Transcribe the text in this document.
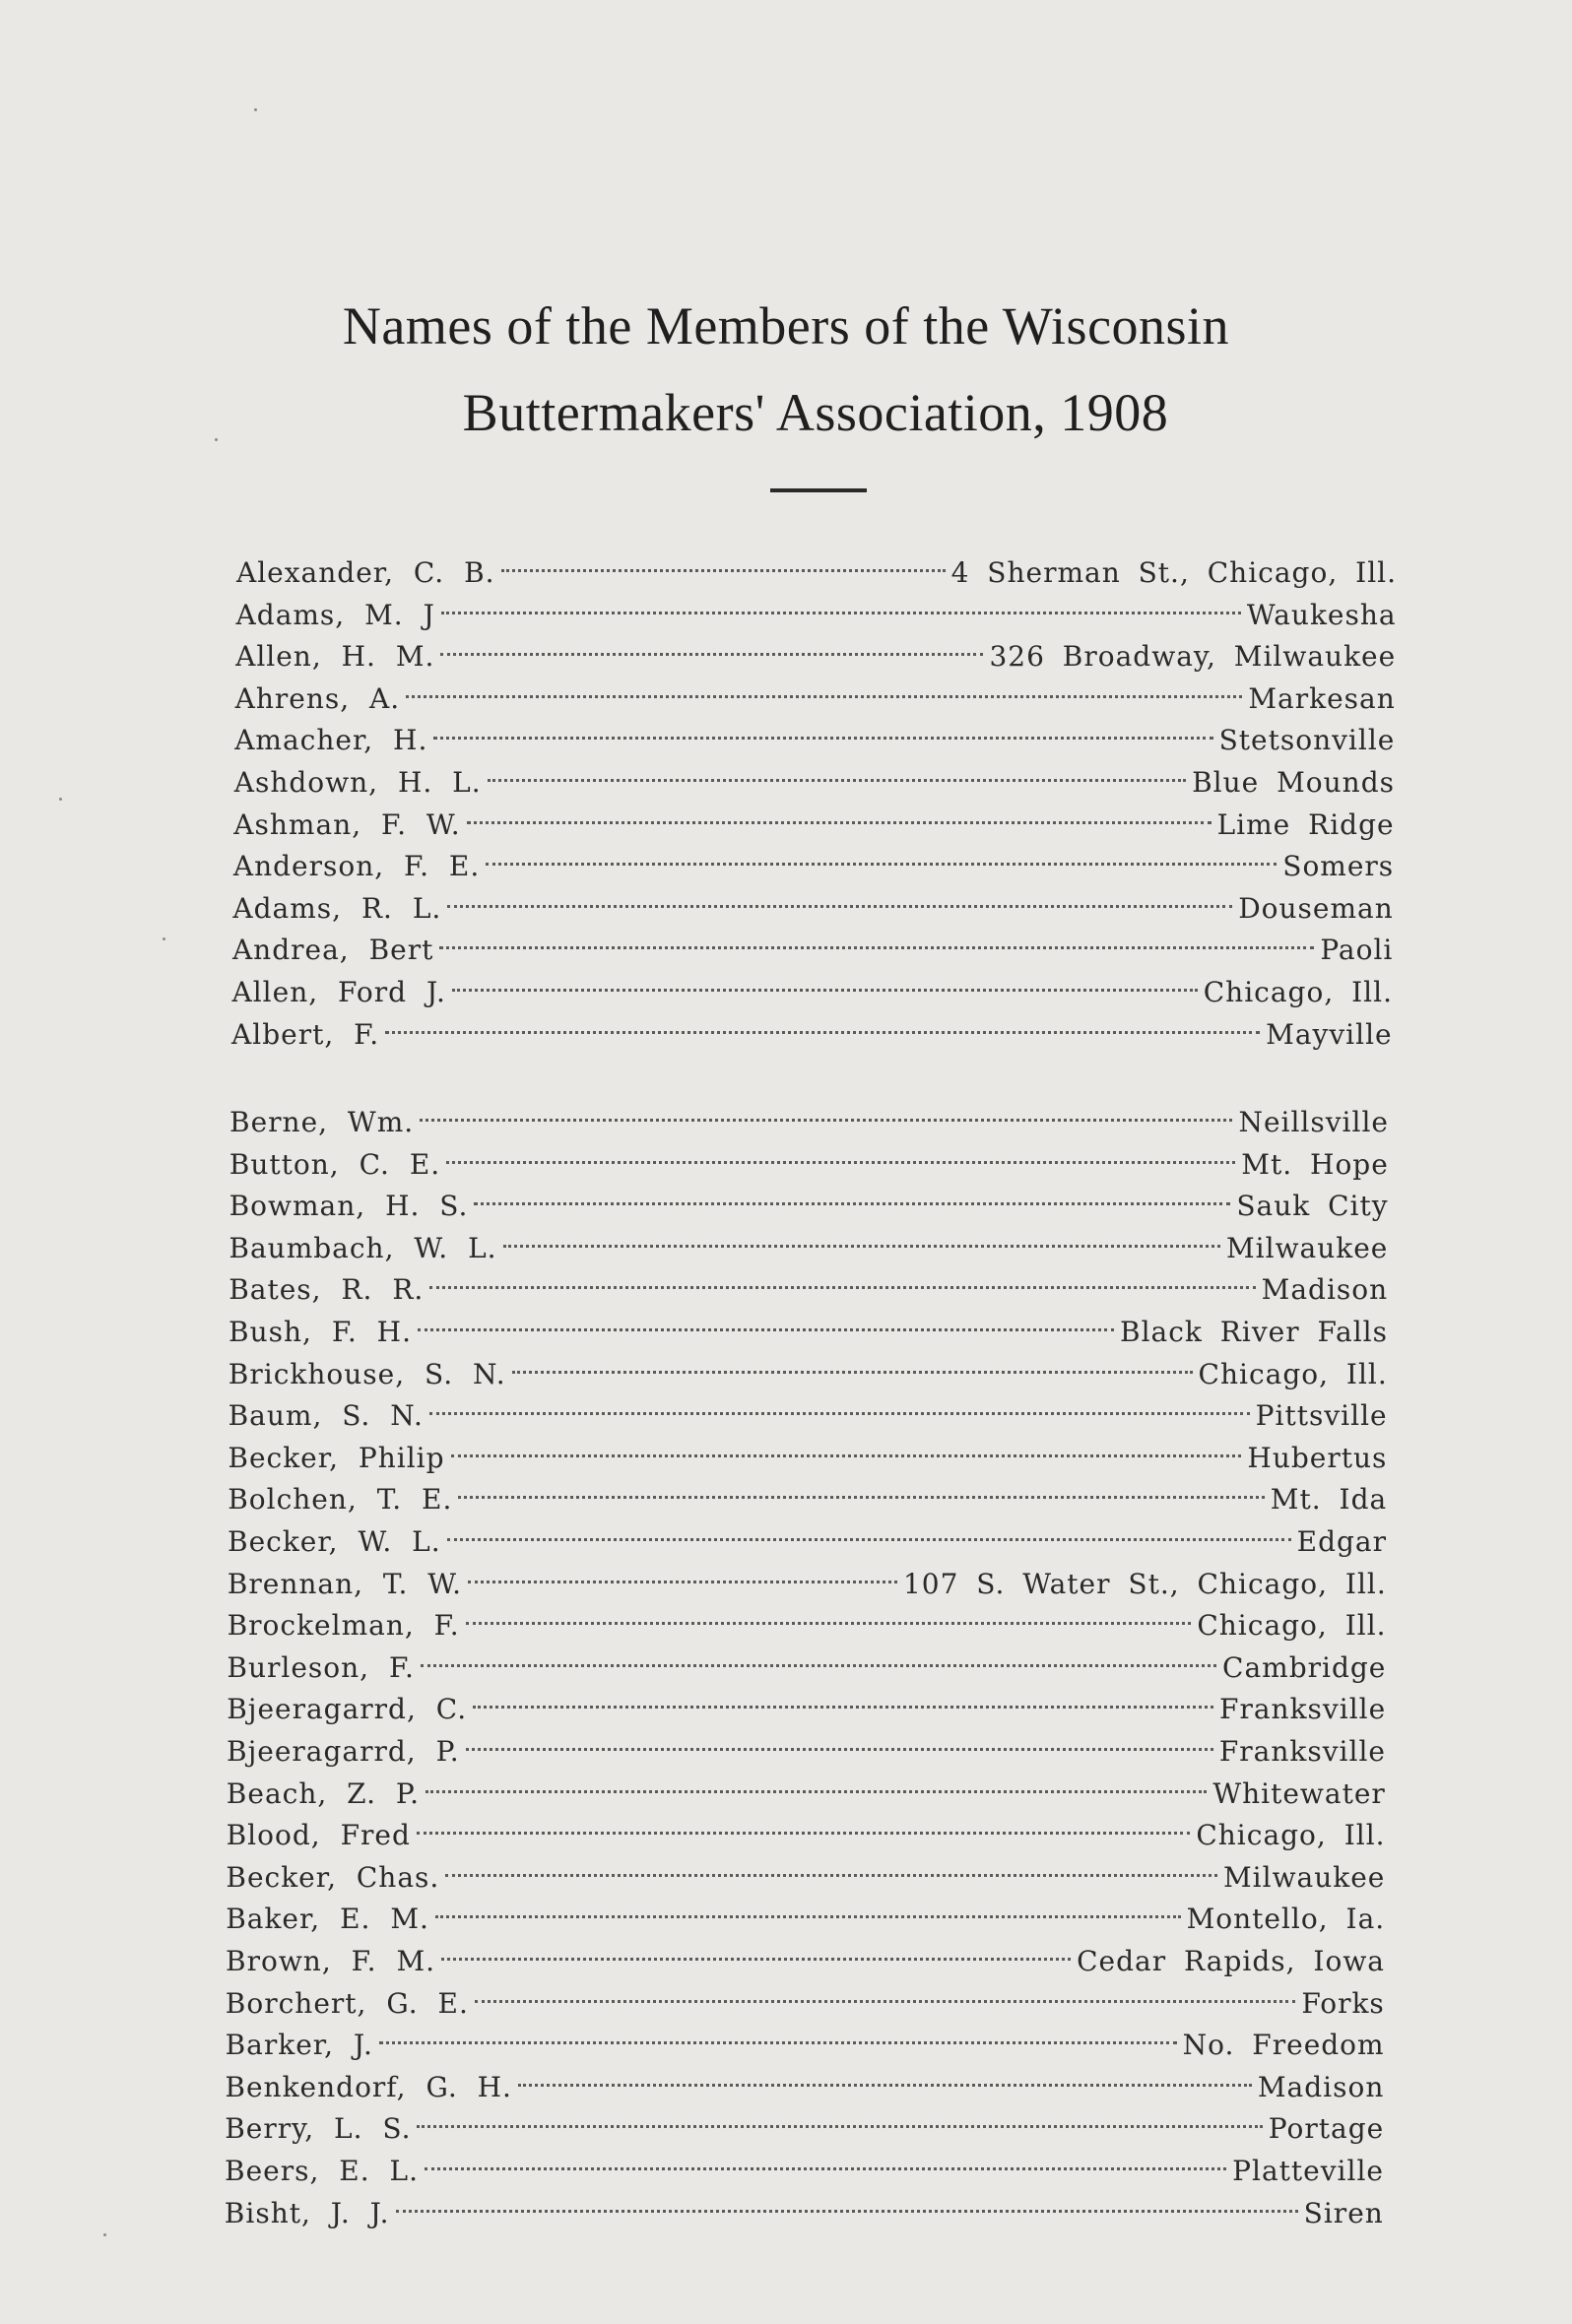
Names of the Members of the Wisconsin
Buttermakers' Association, 1908
Alexander, C. B.	4 Sherman St., Chicago, Ill.
Adams, M. J	Waukesha
Allen, H. M.	326 Broadway, Milwaukee
Ahrens, A.	Markesan
Amacher, H.	Stetsonville
Ashdown, H. L.	Blue Mounds
Ashman, F. W.	Lime Ridge
Anderson, F. E.	Somers
Adams, R. L.	Douseman
Andrea, Bert	Paoli
Allen, Ford J.	Chicago, Ill.
Albert, F.	Mayville
Berne, Wm.	Neillsville
Button, C. E.	Mt. Hope
Bowman, H. S.	Sauk City
Baumbach, W. L.	Milwaukee
Bates, R. R.	Madison
Bush, F. H.	Black River Falls
Brickhouse, S. N.	Chicago, Ill.
Baum, S. N.	Pittsville
Becker, Philip	Hubertus
Bolchen, T. E.	Mt. Ida
Becker, W. L.	Edgar
Brennan, T. W.	107 S. Water St., Chicago, Ill.
Brockelman, F.	Chicago, Ill.
Burleson, F.	Cambridge
Bjeeragarrd, C.	Franksville
Bjeeragarrd, P.	Franksville
Beach, Z. P.	Whitewater
Blood, Fred	Chicago, Ill.
Becker, Chas.	Milwaukee
Baker, E. M.	Montello, Ia.
Brown, F. M.	Cedar Rapids, Iowa
Borchert, G. E.	Forks
Barker, J.	No. Freedom
Benkendorf, G. H.	Madison
Berry, L. S.	Portage
Beers, E. L.	Platteville
Bisht, J. J.	Siren
